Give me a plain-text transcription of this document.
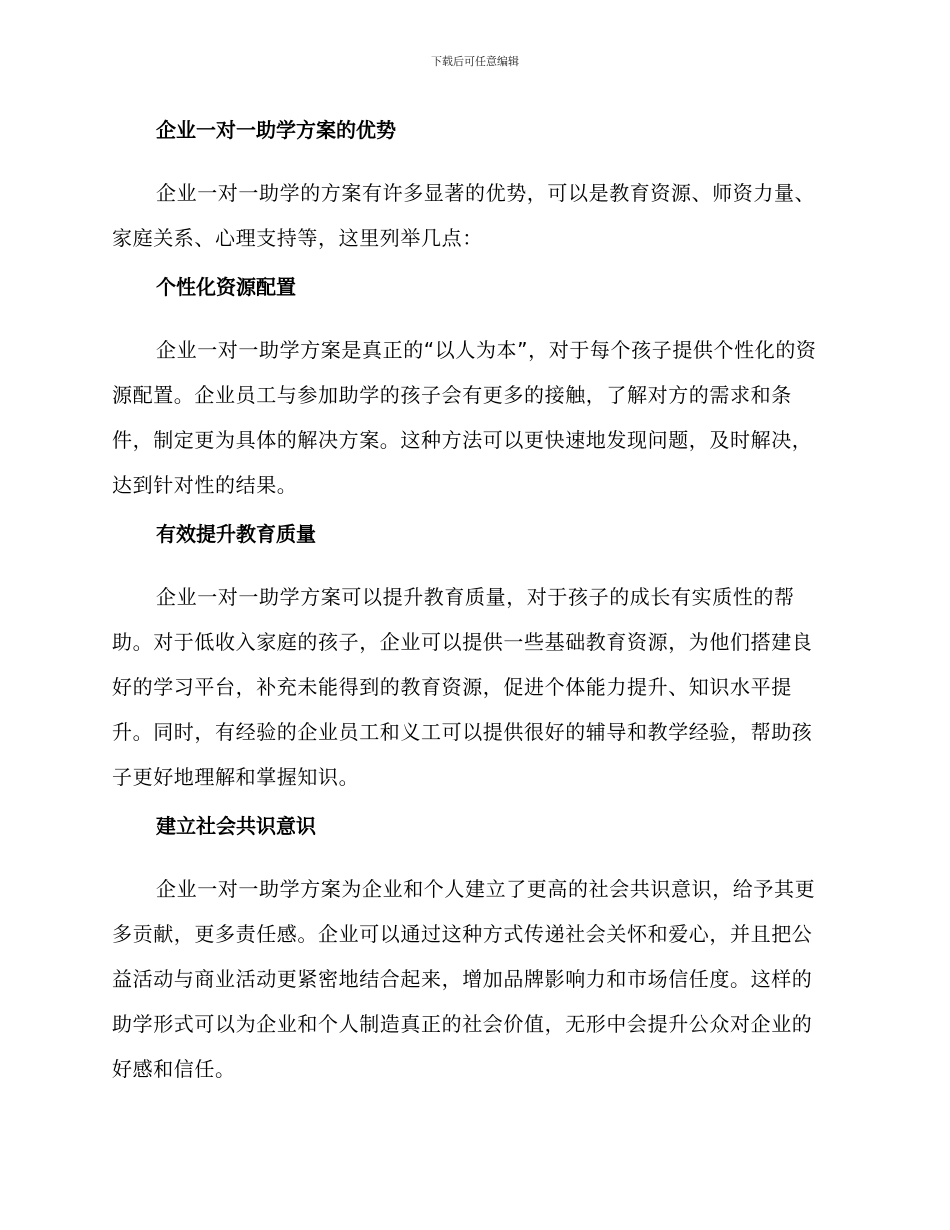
下载后可任意编辑
企业一对一助学方案的优势

企业一对一助学的方案有许多显著的优势，可以是教育资源、师资力量、家庭关系、心理支持等，这里列举几点：

个性化资源配置

企业一对一助学方案是真正的“以人为本”，对于每个孩子提供个性化的资源配置。企业员工与参加助学的孩子会有更多的接触，了解对方的需求和条件，制定更为具体的解决方案。这种方法可以更快速地发现问题，及时解决，达到针对性的结果。

有效提升教育质量

企业一对一助学方案可以提升教育质量，对于孩子的成长有实质性的帮助。对于低收入家庭的孩子，企业可以提供一些基础教育资源，为他们搭建良好的学习平台，补充未能得到的教育资源，促进个体能力提升、知识水平提升。同时，有经验的企业员工和义工可以提供很好的辅导和教学经验，帮助孩子更好地理解和掌握知识。

建立社会共识意识

企业一对一助学方案为企业和个人建立了更高的社会共识意识，给予其更多贡献，更多责任感。企业可以通过这种方式传递社会关怀和爱心，并且把公益活动与商业活动更紧密地结合起来，增加品牌影响力和市场信任度。这样的助学形式可以为企业和个人制造真正的社会价值，无形中会提升公众对企业的好感和信任。
